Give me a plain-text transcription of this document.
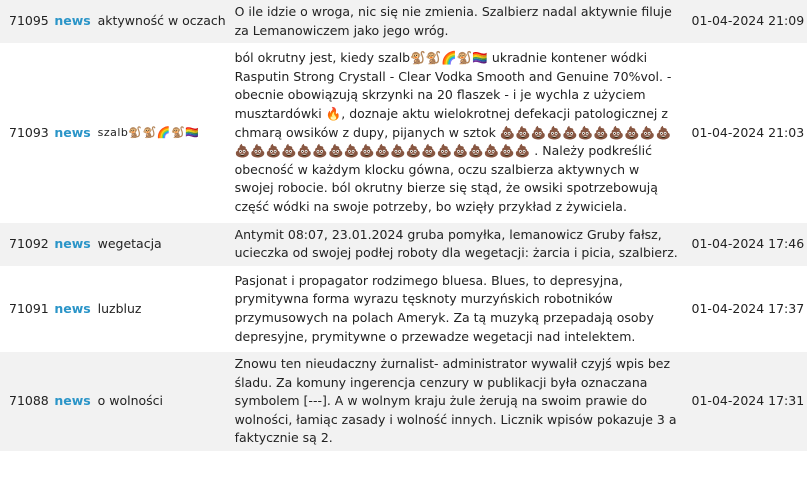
71095	news	aktywność w oczach	O ile idzie o wroga, nic się nie zmienia. Szalbierz nadal aktywnie filuje za Lemanowiczem jako jego wróg.	01-04-2024 21:09
71093	news	szalb🐒🐒🌈🐒🏳️‍🌈	ból okrutny jest, kiedy szalb🐒🐒🌈🐒🏳️‍🌈 ukradnie kontener wódki Rasputin Strong Crystall - Clear Vodka Smooth and Genuine 70%vol. - obecnie obowiązują skrzynki na 20 flaszek - i je wychla z użyciem musztardówki 🔥, doznaje aktu wielokrotnej defekacji patologicznej z chmarą owsików z dupy, pijanych w sztok 💩💩💩💩💩💩💩💩💩💩💩💩💩💩💩💩💩💩💩💩💩💩💩💩💩💩💩💩💩💩 . Należy podkreślić obecność w każdym klocku gówna, oczu szalbierza aktywnych w swojej robocie. ból okrutny bierze się stąd, że owsiki spotrzebowują część wódki na swoje potrzeby, bo wzięły przykład z żywiciela.	01-04-2024 21:03
71092	news	wegetacja	Antymit 08:07, 23.01.2024 gruba pomyłka, lemanowicz Gruby fałsz, ucieczka od swojej podłej roboty dla wegetacji: żarcia i picia, szalbierz.	01-04-2024 17:46
71091	news	luzbluz	Pasjonat i propagator rodzimego bluesa. Blues, to depresyjna, prymitywna forma wyrazu tęsknoty murzyńskich robotników przymusowych na polach Ameryk. Za tą muzyką przepadają osoby depresyjne, prymitywne o przewadze wegetacji nad intelektem.	01-04-2024 17:37
71088	news	o wolności	Znowu ten nieudaczny żurnalist- administrator wywalił czyjś wpis bez śladu. Za komuny ingerencja cenzury w publikacji była oznaczana symbolem [---]. A w wolnym kraju żule żerują na swoim prawie do wolności, łamiąc zasady i wolność innych. Licznik wpisów pokazuje 3 a faktycznie są 2.	01-04-2024 17:31
